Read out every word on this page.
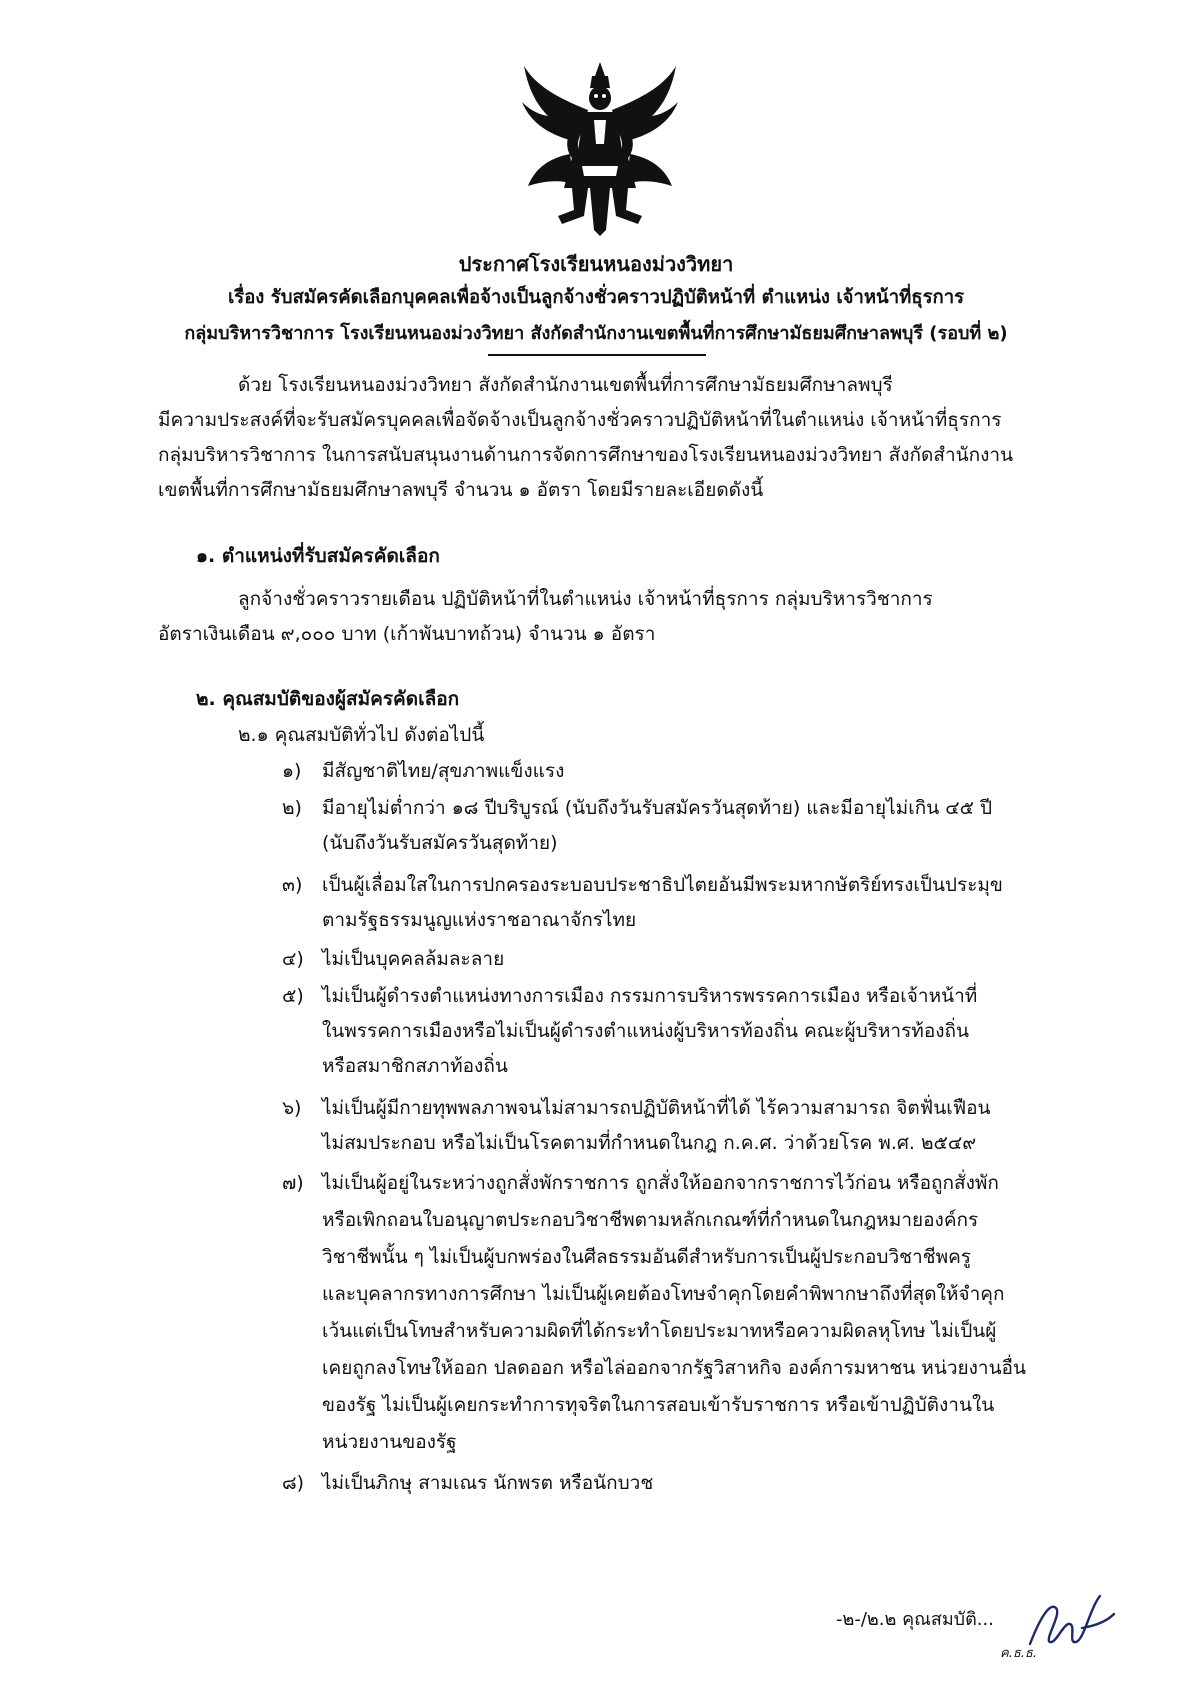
ประกาศโรงเรียนหนองม่วงวิทยา
เรื่อง รับสมัครคัดเลือกบุคคลเพื่อจ้างเป็นลูกจ้างชั่วคราวปฏิบัติหน้าที่ ตำแหน่ง เจ้าหน้าที่ธุรการ
กลุ่มบริหารวิชาการ โรงเรียนหนองม่วงวิทยา สังกัดสำนักงานเขตพื้นที่การศึกษามัธยมศึกษาลพบุรี (รอบที่ ๒)
ด้วย โรงเรียนหนองม่วงวิทยา สังกัดสำนักงานเขตพื้นที่การศึกษามัธยมศึกษาลพบุรี
มีความประสงค์ที่จะรับสมัครบุคคลเพื่อจัดจ้างเป็นลูกจ้างชั่วคราวปฏิบัติหน้าที่ในตำแหน่ง เจ้าหน้าที่ธุรการ
กลุ่มบริหารวิชาการ ในการสนับสนุนงานด้านการจัดการศึกษาของโรงเรียนหนองม่วงวิทยา สังกัดสำนักงาน
เขตพื้นที่การศึกษามัธยมศึกษาลพบุรี จำนวน ๑ อัตรา โดยมีรายละเอียดดังนี้
๑. ตำแหน่งที่รับสมัครคัดเลือก
ลูกจ้างชั่วคราวรายเดือน ปฏิบัติหน้าที่ในตำแหน่ง เจ้าหน้าที่ธุรการ กลุ่มบริหารวิชาการ
อัตราเงินเดือน ๙,๐๐๐ บาท (เก้าพันบาทถ้วน) จำนวน ๑ อัตรา
๒. คุณสมบัติของผู้สมัครคัดเลือก
๒.๑ คุณสมบัติทั่วไป ดังต่อไปนี้
๑) มีสัญชาติไทย/สุขภาพแข็งแรง
๒) มีอายุไม่ต่ำกว่า ๑๘ ปีบริบูรณ์ (นับถึงวันรับสมัครวันสุดท้าย) และมีอายุไม่เกิน ๔๕ ปี
(นับถึงวันรับสมัครวันสุดท้าย)
๓) เป็นผู้เลื่อมใสในการปกครองระบอบประชาธิปไตยอันมีพระมหากษัตริย์ทรงเป็นประมุข
ตามรัฐธรรมนูญแห่งราชอาณาจักรไทย
๔) ไม่เป็นบุคคลล้มละลาย
๕) ไม่เป็นผู้ดำรงตำแหน่งทางการเมือง กรรมการบริหารพรรคการเมือง หรือเจ้าหน้าที่
ในพรรคการเมืองหรือไม่เป็นผู้ดำรงตำแหน่งผู้บริหารท้องถิ่น คณะผู้บริหารท้องถิ่น
หรือสมาชิกสภาท้องถิ่น
๖) ไม่เป็นผู้มีกายทุพพลภาพจนไม่สามารถปฏิบัติหน้าที่ได้ ไร้ความสามารถ จิตฟั่นเฟือน
ไม่สมประกอบ หรือไม่เป็นโรคตามที่กำหนดในกฎ ก.ค.ศ. ว่าด้วยโรค พ.ศ. ๒๕๔๙
๗) ไม่เป็นผู้อยู่ในระหว่างถูกสั่งพักราชการ ถูกสั่งให้ออกจากราชการไว้ก่อน หรือถูกสั่งพัก
หรือเพิกถอนใบอนุญาตประกอบวิชาชีพตามหลักเกณฑ์ที่กำหนดในกฎหมายองค์กร
วิชาชีพนั้น ๆ ไม่เป็นผู้บกพร่องในศีลธรรมอันดีสำหรับการเป็นผู้ประกอบวิชาชีพครู
และบุคลากรทางการศึกษา ไม่เป็นผู้เคยต้องโทษจำคุกโดยคำพิพากษาถึงที่สุดให้จำคุก
เว้นแต่เป็นโทษสำหรับความผิดที่ได้กระทำโดยประมาทหรือความผิดลหุโทษ ไม่เป็นผู้
เคยถูกลงโทษให้ออก ปลดออก หรือไล่ออกจากรัฐวิสาหกิจ องค์การมหาชน หน่วยงานอื่น
ของรัฐ ไม่เป็นผู้เคยกระทำการทุจริตในการสอบเข้ารับราชการ หรือเข้าปฏิบัติงานใน
หน่วยงานของรัฐ
๘) ไม่เป็นภิกษุ สามเณร นักพรต หรือนักบวช
-๒-/๒.๒ คุณสมบัติ...
ค.ธ.ธ.
